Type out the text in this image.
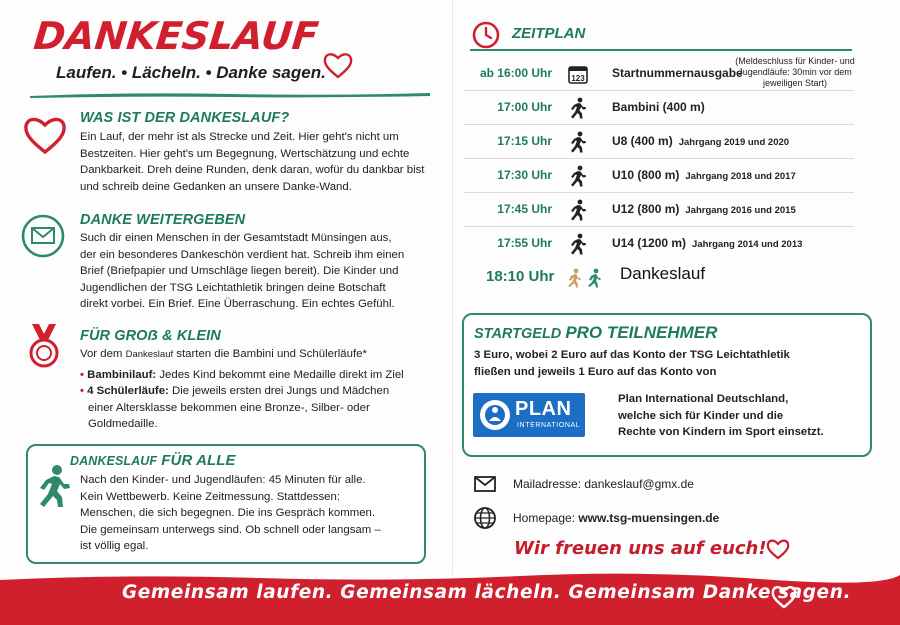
DANKESLAUF
Laufen. • Lächeln. • Danke sagen.
WAS IST DER DANKESLAUF?
Ein Lauf, der mehr ist als Strecke und Zeit. Hier geht's nicht um
Bestzeiten. Hier geht's um Begegnung, Wertschätzung und echte
Dankbarkeit. Dreh deine Runden, denk daran, wofür du dankbar bist
und schreib deine Gedanken an unsere Danke-Wand.
DANKE WEITERGEBEN
Such dir einen Menschen in der Gesamtstadt Münsingen aus,
der ein besonderes Dankeschön verdient hat. Schreib ihm einen
Brief (Briefpapier und Umschläge liegen bereit). Die Kinder und
Jugendlichen der TSG Leichtathletik bringen deine Botschaft
direkt vorbei. Ein Brief. Eine Überraschung. Ein echtes Gefühl.
FÜR GROẞ & KLEIN
Vor dem Dankeslauf starten die Bambini und Schülerläufe*
• Bambinilauf: Jedes Kind bekommt eine Medaille direkt im Ziel
• 4 Schülerläufe: Die jeweils ersten drei Jungs und Mädchen
einer Altersklasse bekommen eine Bronze-, Silber- oder
Goldmedaille.
DANKESLAUF FÜR ALLE
Nach den Kinder- und Jugendläufen: 45 Minuten für alle.
Kein Wettbewerb. Keine Zeitmessung. Stattdessen:
Menschen, die sich begegnen. Die ins Gespräch kommen.
Die gemeinsam unterwegs sind. Ob schnell oder langsam –
ist völlig egal.
ZEITPLAN
(Meldeschluss für Kinder- und Jugendläufe: 30min vor dem jeweiligen Start)
ab 16:00 Uhr 123 Startnummernausgabe
17:00 Uhr	Bambini (400 m)
17:15 Uhr	U8 (400 m) Jahrgang 2019 und 2020
17:30 Uhr	U10 (800 m) Jahrgang 2018 und 2017
17:45 Uhr	U12 (800 m) Jahrgang 2016 und 2015
17:55 Uhr	U14 (1200 m) Jahrgang 2014 und 2013
18:10 Uhr	Dankeslauf
STARTGELD PRO TEILNEHMER
3 Euro, wobei 2 Euro auf das Konto der TSG Leichtathletik
fließen und jeweils 1 Euro auf das Konto von
PLAN
INTERNATIONAL
Plan International Deutschland,
welche sich für Kinder und die
Rechte von Kindern im Sport einsetzt.
Mailadresse: dankeslauf@gmx.de
Homepage: www.tsg-muensingen.de
Wir freuen uns auf euch!
Gemeinsam laufen. Gemeinsam lächeln. Gemeinsam Danke sagen.
